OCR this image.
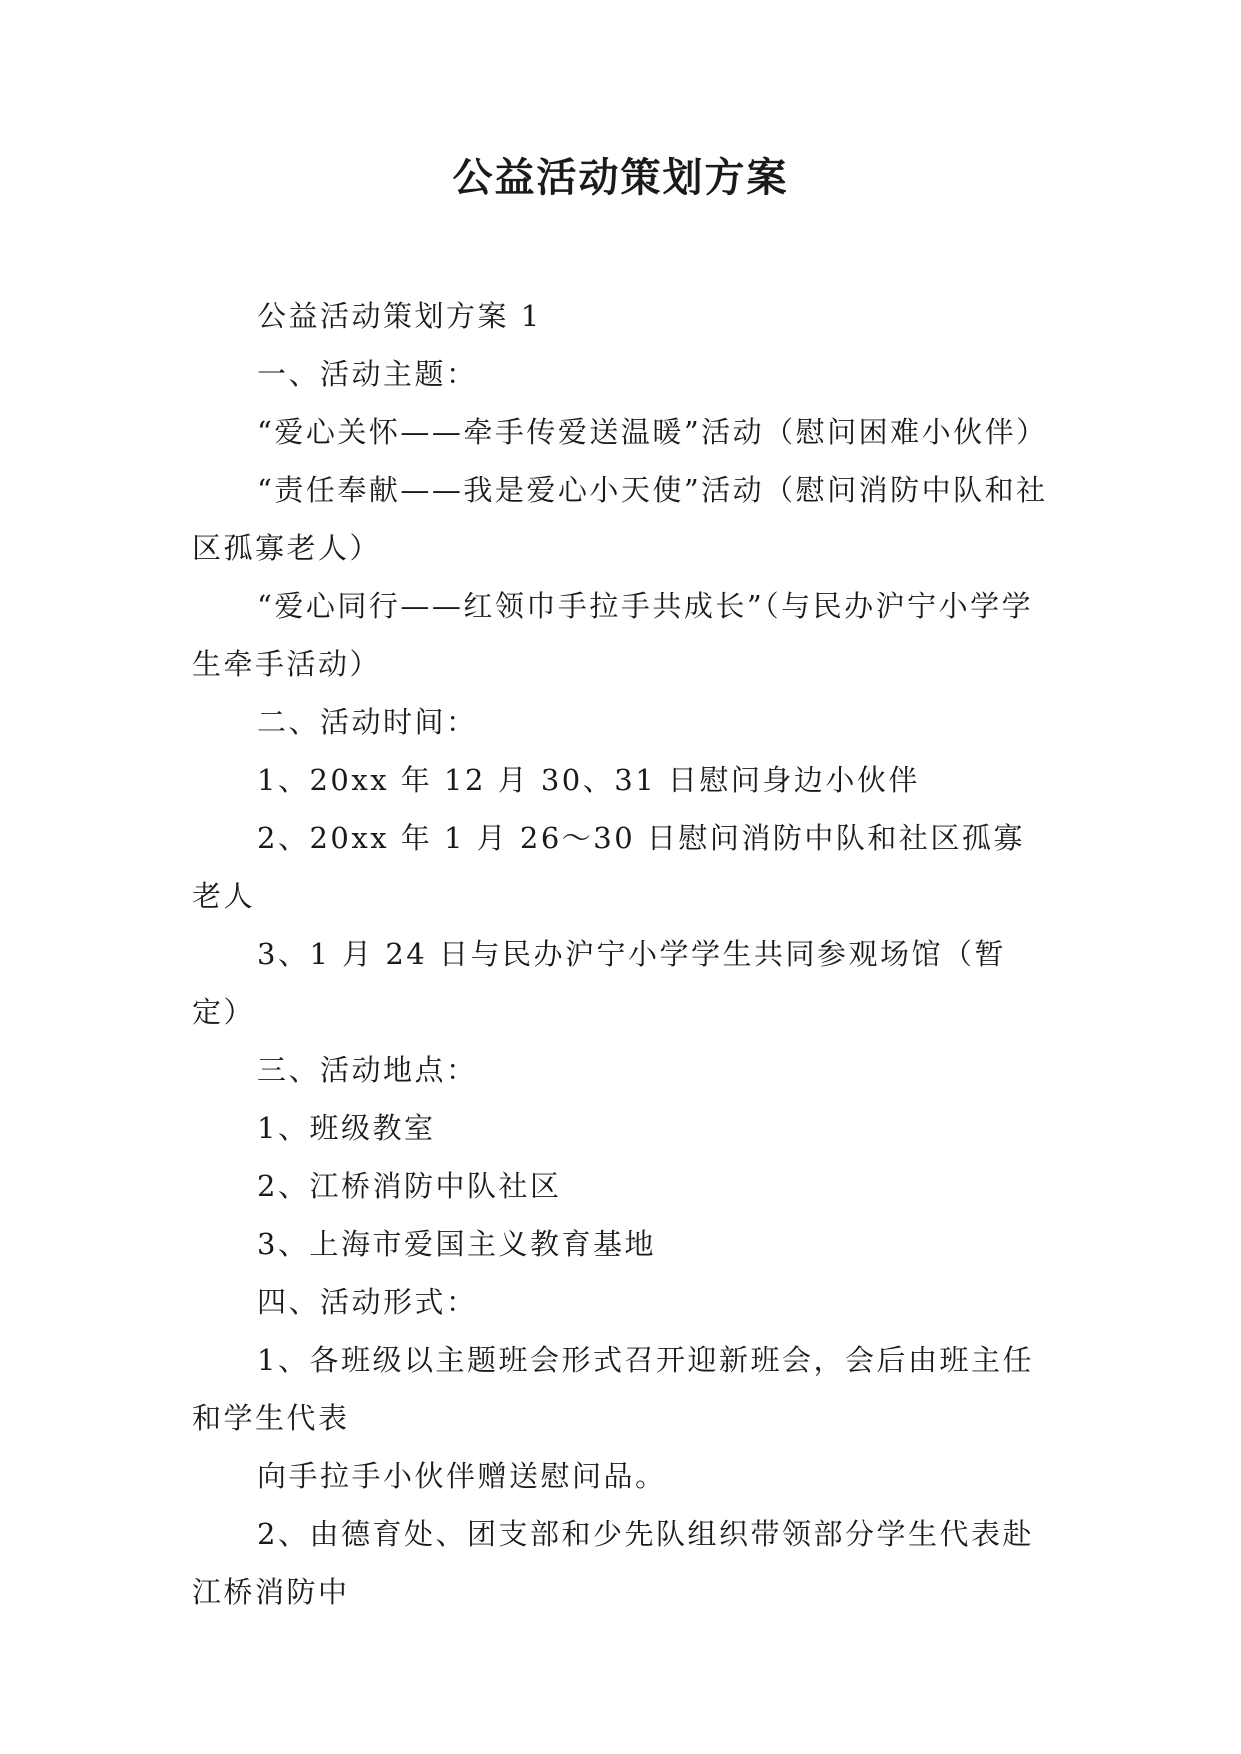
公益活动策划方案

公益活动策划方案 1

一、活动主题：

“爱心关怀——牵手传爱送温暖”活动（慰问困难小伙伴）

“责任奉献——我是爱心小天使”活动（慰问消防中队和社区孤寡老人）

“爱心同行——红领巾手拉手共成长”（与民办沪宁小学学生牵手活动）

二、活动时间：

1、20xx 年 12 月 30、31 日慰问身边小伙伴

2、20xx 年 1 月 26～30 日慰问消防中队和社区孤寡老人

3、1 月 24 日与民办沪宁小学学生共同参观场馆（暂定）

三、活动地点：

1、班级教室

2、江桥消防中队社区

3、上海市爱国主义教育基地

四、活动形式：

1、各班级以主题班会形式召开迎新班会，会后由班主任和学生代表

向手拉手小伙伴赠送慰问品。

2、由德育处、团支部和少先队组织带领部分学生代表赴江桥消防中
